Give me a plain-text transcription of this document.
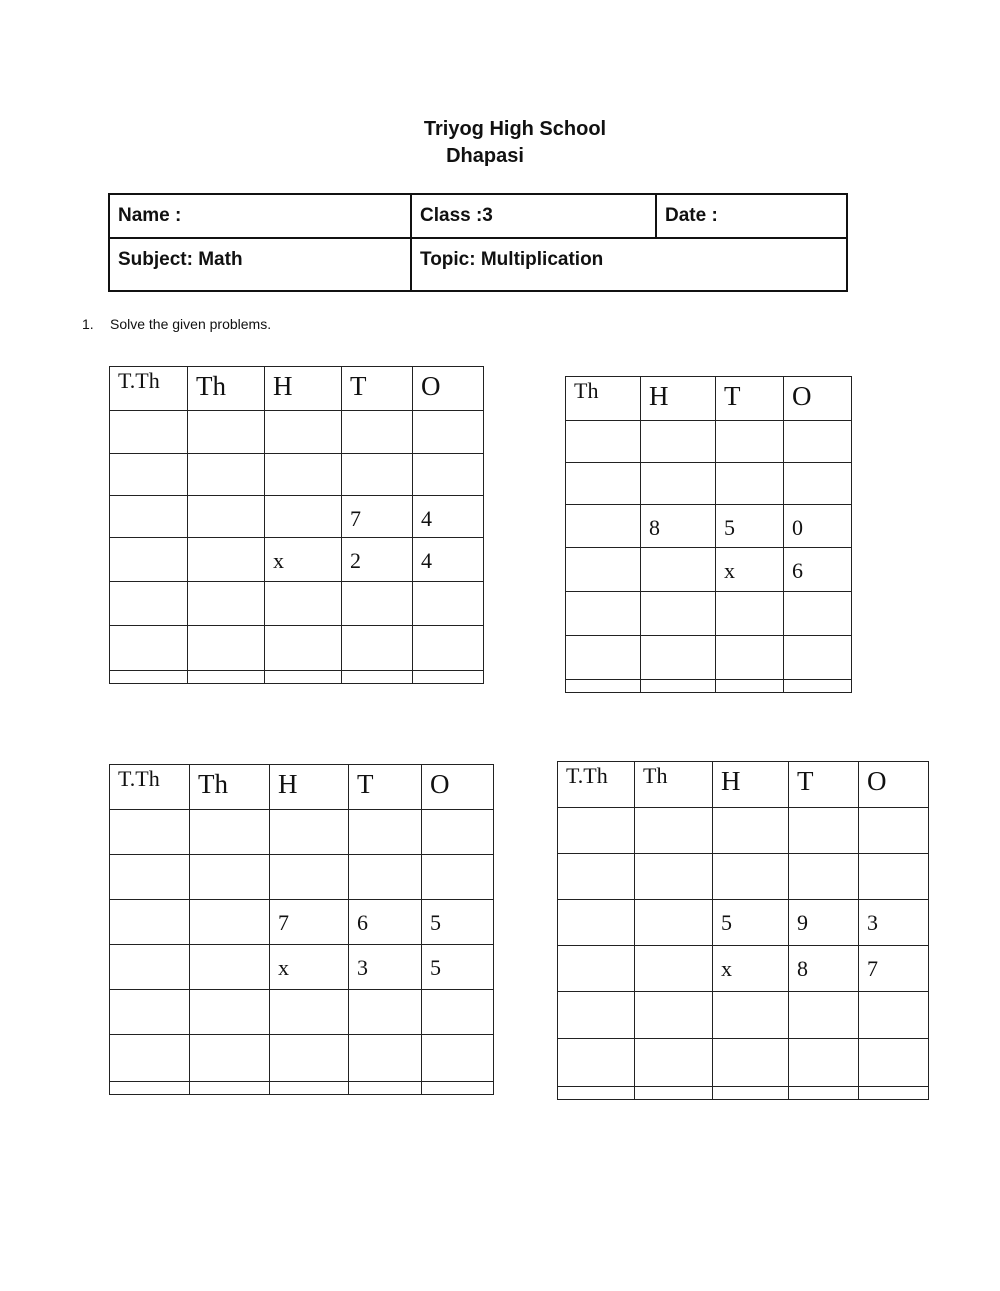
Triyog High School
Dhapasi
Name :	Class :3	Date :
Subject: Math	Topic: Multiplication	
1. Solve the given problems.
T.Th	Th	H	T	O

			7	4

		x	2	4

Th	H	T	O

	8	5	0

		x	6

T.Th	Th	H	T	O

		7	6	5

		x	3	5

T.Th	Th	H	T	O

		5	9	3

		x	8	7
